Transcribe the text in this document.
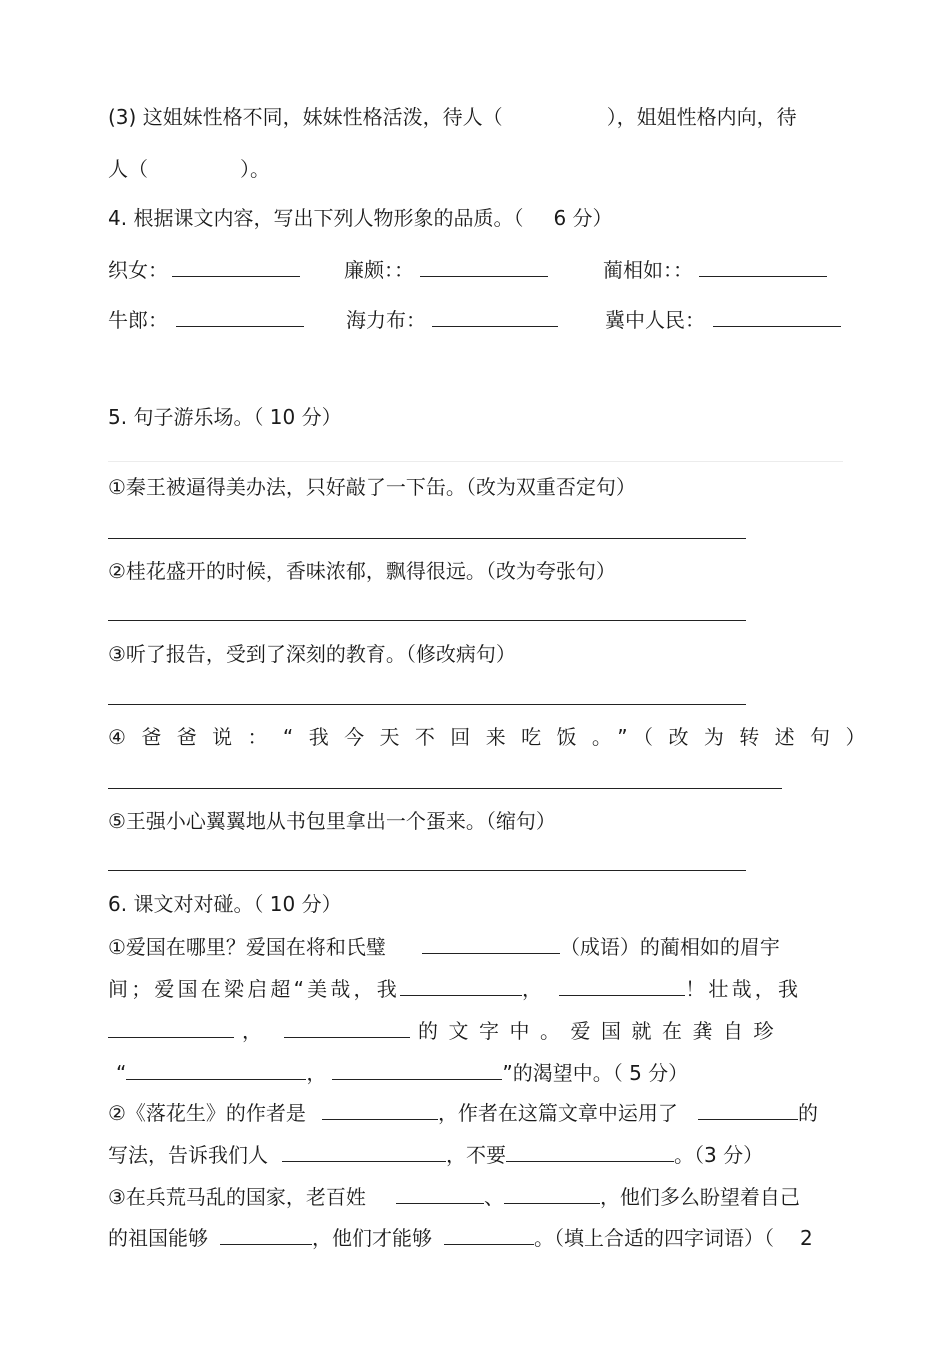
(3) 这姐妹性格不同，妹妹性格活泼，待人（	），姐姐性格内向，待
人（	）。
4. 根据课文内容，写出下列人物形象的品质。（ 6 分）
织女：	廉颇：：	蔺相如：：
牛郎：	海力布：	冀中人民：
5. 句子游乐场。（ 10 分）
①秦王被逼得美办法，只好敲了一下缶。（改为双重否定句）
②桂花盛开的时候，香味浓郁，飘得很远。（改为夸张句）
③听了报告，受到了深刻的教育。（修改病句）
④爸爸说：“我今天不回来吃饭。”（改为转述句）
⑤王强小心翼翼地从书包里拿出一个蛋来。（缩句）
6. 课文对对碰。（ 10 分）
①爱国在哪里？爱国在将和氏璧	（成语）的蔺相如的眉宇
间；爱国在梁启超“美哉，我	，	！壮哉，我
，	的文字中。爱国就在龚自珍
“	，	”的渴望中。（ 5 分）
②《落花生》的作者是	，作者在这篇文章中运用了	的
写法，告诉我们人	，不要	。（3 分）
③在兵荒马乱的国家，老百姓	、	，他们多么盼望着自己
的祖国能够	，他们才能够	。（填上合适的四字词语）（ 2
